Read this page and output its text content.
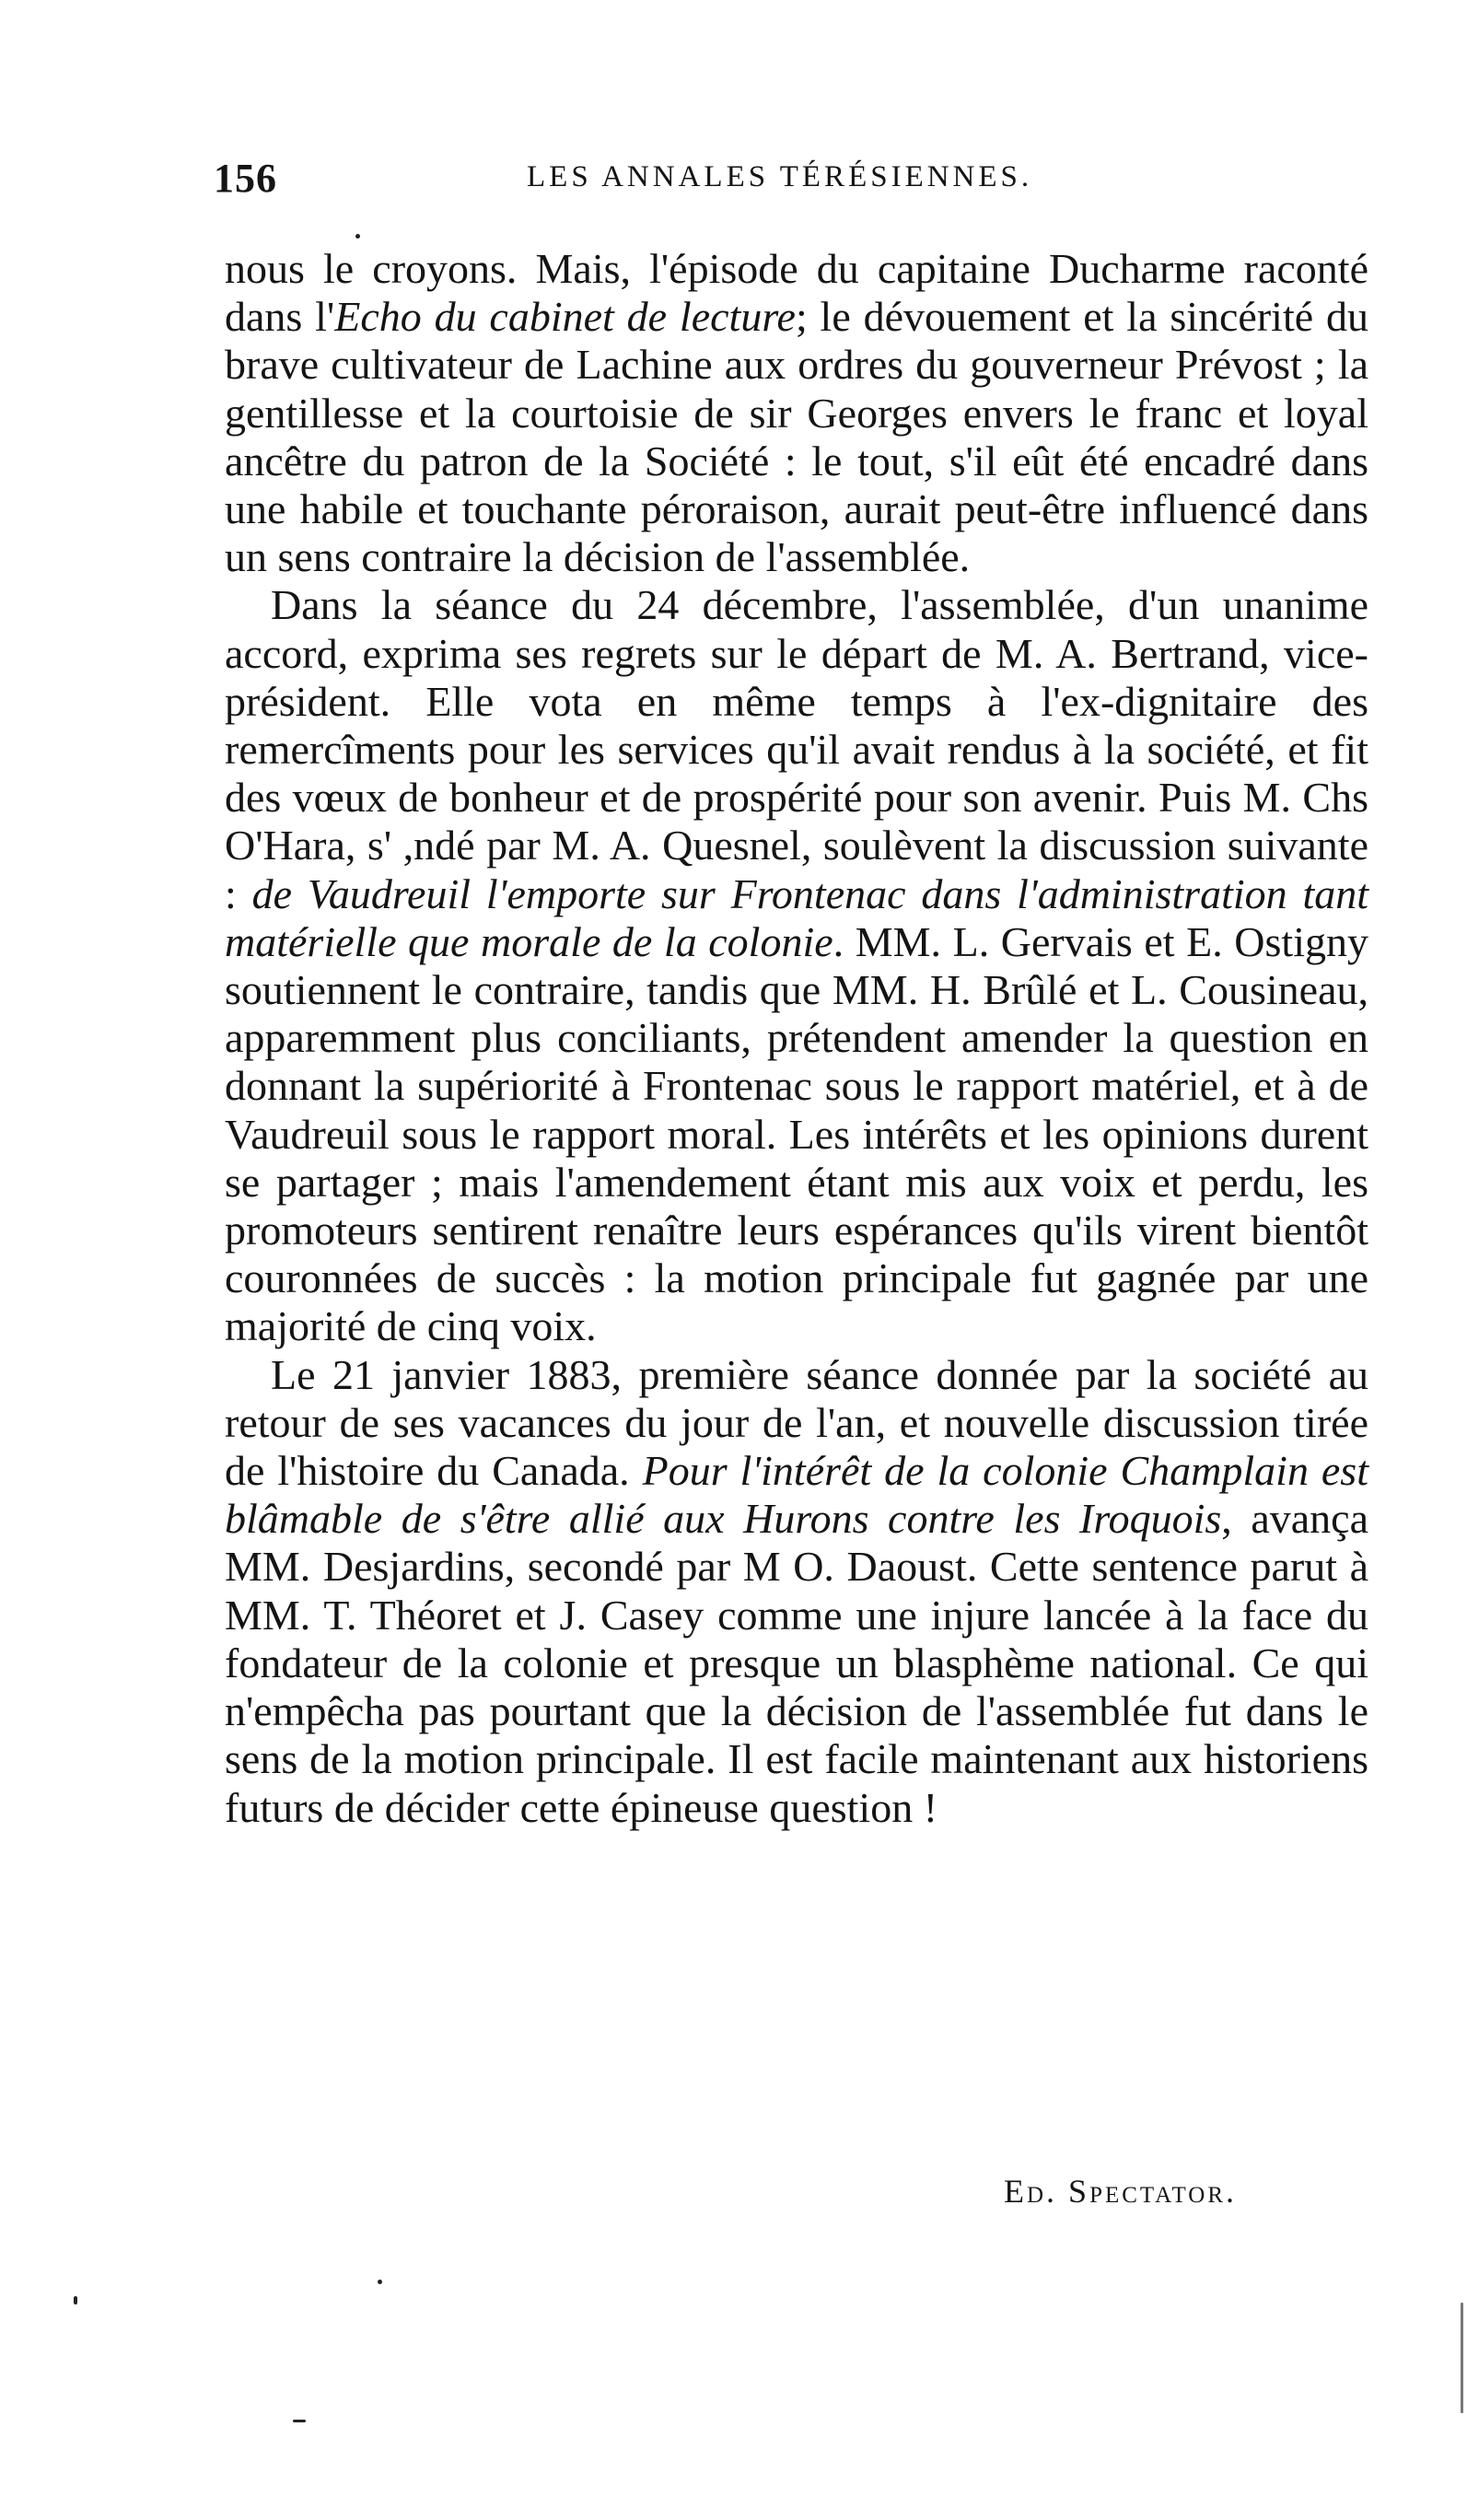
156	LES ANNALES TÉRÉSIENNES.

nous le croyons. Mais, l'épisode du capitaine Ducharme raconté dans l'Echo du cabinet de lecture; le dévouement et la sincérité du brave cultivateur de Lachine aux ordres du gouverneur Prévost ; la gentillesse et la courtoisie de sir Georges envers le franc et loyal ancêtre du patron de la Société : le tout, s'il eût été encadré dans une habile et touchante péroraison, aurait peut-être influencé dans un sens contraire la décision de l'assemblée.

Dans la séance du 24 décembre, l'assemblée, d'un unanime accord, exprima ses regrets sur le départ de M. A. Bertrand, vice-président. Elle vota en même temps à l'ex-dignitaire des remercîments pour les services qu'il avait rendus à la société, et fit des vœux de bonheur et de prospérité pour son avenir. Puis M. Chs O'Hara, s' ,ndé par M. A. Quesnel, soulèvent la discussion suivante : de Vaudreuil l'emporte sur Frontenac dans l'administration tant matérielle que morale de la colonie. MM. L. Gervais et E. Ostigny soutiennent le contraire, tandis que MM. H. Brûlé et L. Cousineau, apparemment plus conciliants, prétendent amender la question en donnant la supériorité à Frontenac sous le rapport matériel, et à de Vaudreuil sous le rapport moral. Les intérêts et les opinions durent se partager ; mais l'amendement étant mis aux voix et perdu, les promoteurs sentirent renaître leurs espérances qu'ils virent bientôt couronnées de succès : la motion principale fut gagnée par une majorité de cinq voix.

Le 21 janvier 1883, première séance donnée par la société au retour de ses vacances du jour de l'an, et nouvelle discussion tirée de l'histoire du Canada. Pour l'intérêt de la colonie Champlain est blâmable de s'être allié aux Hurons contre les Iroquois, avança MM. Desjardins, secondé par M O. Daoust. Cette sentence parut à MM. T. Théoret et J. Casey comme une injure lancée à la face du fondateur de la colonie et presque un blasphème national. Ce qui n'empêcha pas pourtant que la décision de l'assemblée fut dans le sens de la motion principale. Il est facile maintenant aux historiens futurs de décider cette épineuse question !

Ed. Spectator.
